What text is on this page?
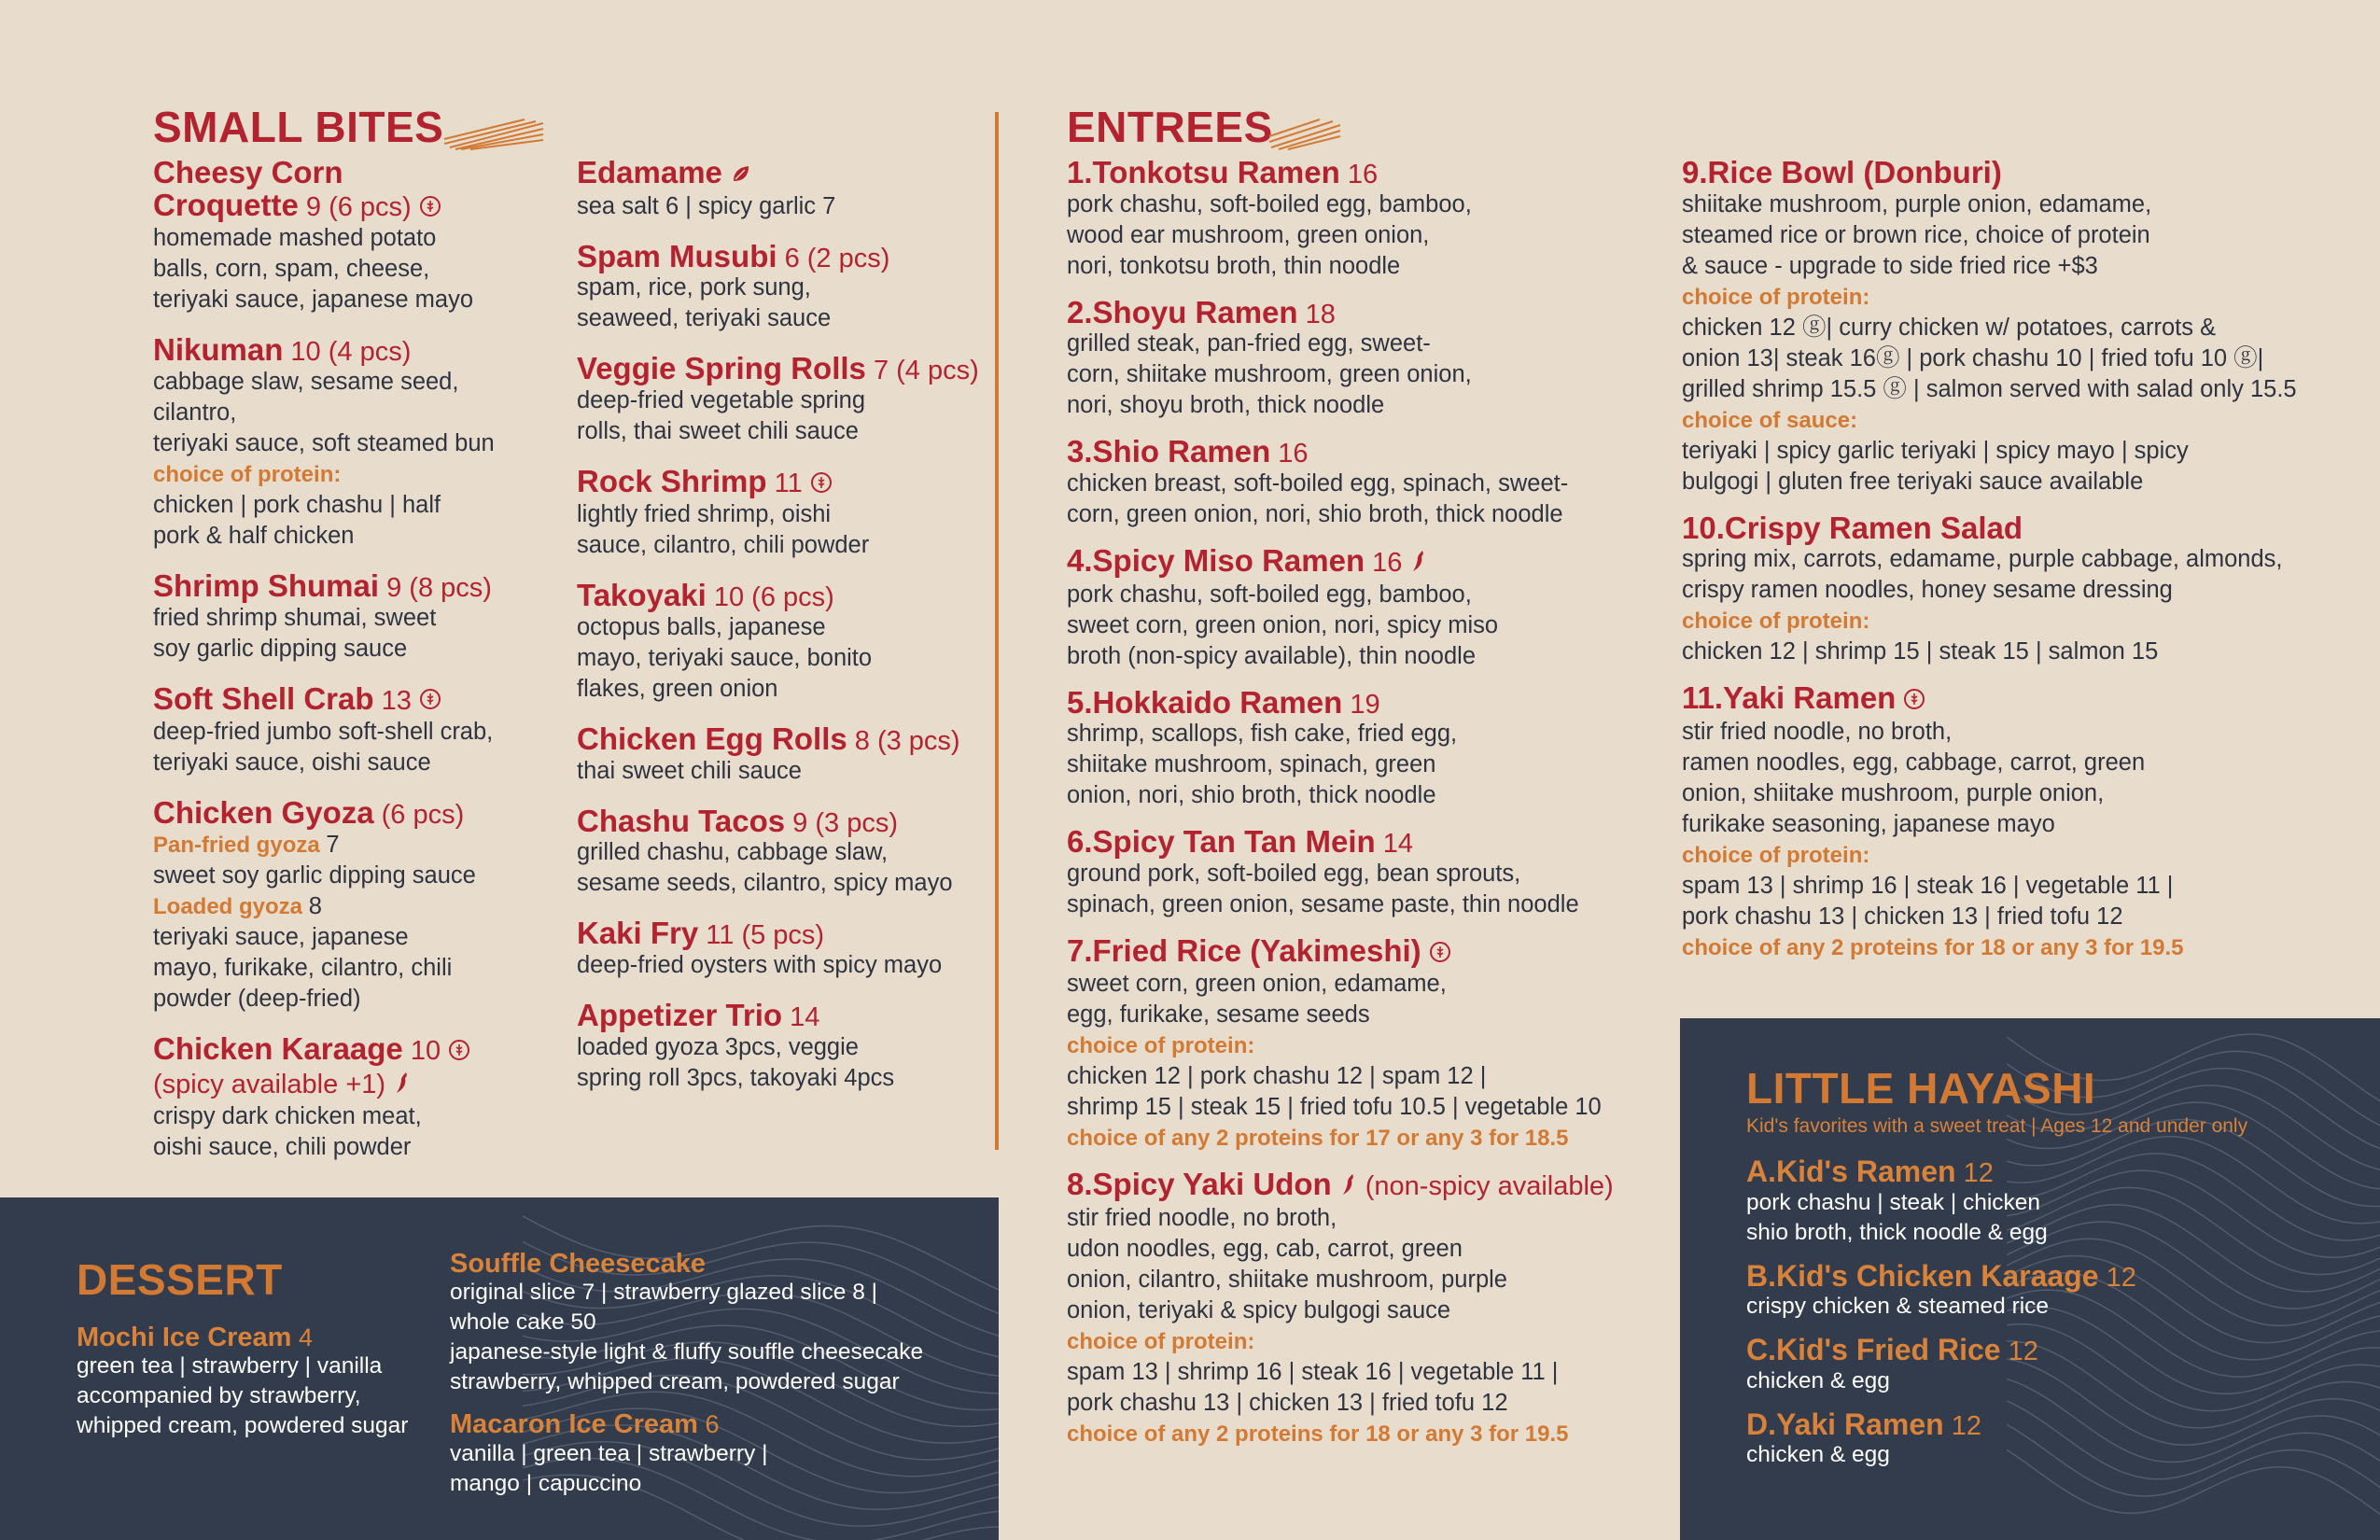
SMALL BITES
Cheesy Corn
Croquette 9 (6 pcs)
homemade mashed potato
balls, corn, spam, cheese,
teriyaki sauce, japanese mayo
Nikuman 10 (4 pcs)
cabbage slaw, sesame seed, cilantro,
teriyaki sauce, soft steamed bun
choice of protein:
chicken | pork chashu | half
pork & half chicken
Shrimp Shumai 9 (8 pcs)
fried shrimp shumai, sweet
soy garlic dipping sauce
Soft Shell Crab 13
deep-fried jumbo soft-shell crab,
teriyaki sauce, oishi sauce
Chicken Gyoza (6 pcs)
Pan-fried gyoza 7
sweet soy garlic dipping sauce
Loaded gyoza 8
teriyaki sauce, japanese
mayo, furikake, cilantro, chili
powder (deep-fried)
Chicken Karaage 10
(spicy available +1)
crispy dark chicken meat,
oishi sauce, chili powder
Edamame
sea salt 6 | spicy garlic 7
Spam Musubi 6 (2 pcs)
spam, rice, pork sung,
seaweed, teriyaki sauce
Veggie Spring Rolls 7 (4 pcs)
deep-fried vegetable spring
rolls, thai sweet chili sauce
Rock Shrimp 11
lightly fried shrimp, oishi
sauce, cilantro, chili powder
Takoyaki 10 (6 pcs)
octopus balls, japanese
mayo, teriyaki sauce, bonito
flakes, green onion
Chicken Egg Rolls 8 (3 pcs)
thai sweet chili sauce
Chashu Tacos 9 (3 pcs)
grilled chashu, cabbage slaw,
sesame seeds, cilantro, spicy mayo
Kaki Fry 11 (5 pcs)
deep-fried oysters with spicy mayo
Appetizer Trio 14
loaded gyoza 3pcs, veggie
spring roll 3pcs, takoyaki 4pcs
ENTREES
1.Tonkotsu Ramen 16
pork chashu, soft-boiled egg, bamboo,
wood ear mushroom, green onion,
nori, tonkotsu broth, thin noodle
2.Shoyu Ramen 18
grilled steak, pan-fried egg, sweet-
corn, shiitake mushroom, green onion,
nori, shoyu broth, thick noodle
3.Shio Ramen 16
chicken breast, soft-boiled egg, spinach, sweet-
corn, green onion, nori, shio broth, thick noodle
4.Spicy Miso Ramen 16
pork chashu, soft-boiled egg, bamboo,
sweet corn, green onion, nori, spicy miso
broth (non-spicy available), thin noodle
5.Hokkaido Ramen 19
shrimp, scallops, fish cake, fried egg,
shiitake mushroom, spinach, green
onion, nori, shio broth, thick noodle
6.Spicy Tan Tan Mein 14
ground pork, soft-boiled egg, bean sprouts,
spinach, green onion, sesame paste, thin noodle
7.Fried Rice (Yakimeshi)
sweet corn, green onion, edamame,
egg, furikake, sesame seeds
choice of protein:
chicken 12 | pork chashu 12 | spam 12 |
shrimp 15 | steak 15 | fried tofu 10.5 | vegetable 10
choice of any 2 proteins for 17 or any 3 for 18.5
8.Spicy Yaki Udon (non-spicy available)
stir fried noodle, no broth,
udon noodles, egg, cab, carrot, green
onion, cilantro, shiitake mushroom, purple
onion, teriyaki & spicy bulgogi sauce
choice of protein:
spam 13 | shrimp 16 | steak 16 | vegetable 11 |
pork chashu 13 | chicken 13 | fried tofu 12
choice of any 2 proteins for 18 or any 3 for 19.5
9.Rice Bowl (Donburi)
shiitake mushroom, purple onion, edamame,
steamed rice or brown rice, choice of protein
& sauce - upgrade to side fried rice +$3
choice of protein:
chicken 12 ⓖ| curry chicken w/ potatoes, carrots &
onion 13| steak 16ⓖ | pork chashu 10 | fried tofu 10 ⓖ|
grilled shrimp 15.5 ⓖ | salmon served with salad only 15.5
choice of sauce:
teriyaki | spicy garlic teriyaki | spicy mayo | spicy
bulgogi | gluten free teriyaki sauce available
10.Crispy Ramen Salad
spring mix, carrots, edamame, purple cabbage, almonds,
crispy ramen noodles, honey sesame dressing
choice of protein:
chicken 12 | shrimp 15 | steak 15 | salmon 15
11.Yaki Ramen
stir fried noodle, no broth,
ramen noodles, egg, cabbage, carrot, green
onion, shiitake mushroom, purple onion,
furikake seasoning, japanese mayo
choice of protein:
spam 13 | shrimp 16 | steak 16 | vegetable 11 |
pork chashu 13 | chicken 13 | fried tofu 12
choice of any 2 proteins for 18 or any 3 for 19.5
DESSERT
Mochi Ice Cream 4
green tea | strawberry | vanilla
accompanied by strawberry,
whipped cream, powdered sugar
Souffle Cheesecake
original slice 7 | strawberry glazed slice 8 |
whole cake 50
japanese-style light & fluffy souffle cheesecake
strawberry, whipped cream, powdered sugar
Macaron Ice Cream 6
vanilla | green tea | strawberry |
mango | capuccino
LITTLE HAYASHI
Kid's favorites with a sweet treat | Ages 12 and under only
A.Kid's Ramen 12
pork chashu | steak | chicken
shio broth, thick noodle & egg
B.Kid's Chicken Karaage 12
crispy chicken & steamed rice
C.Kid's Fried Rice 12
chicken & egg
D.Yaki Ramen 12
chicken & egg
